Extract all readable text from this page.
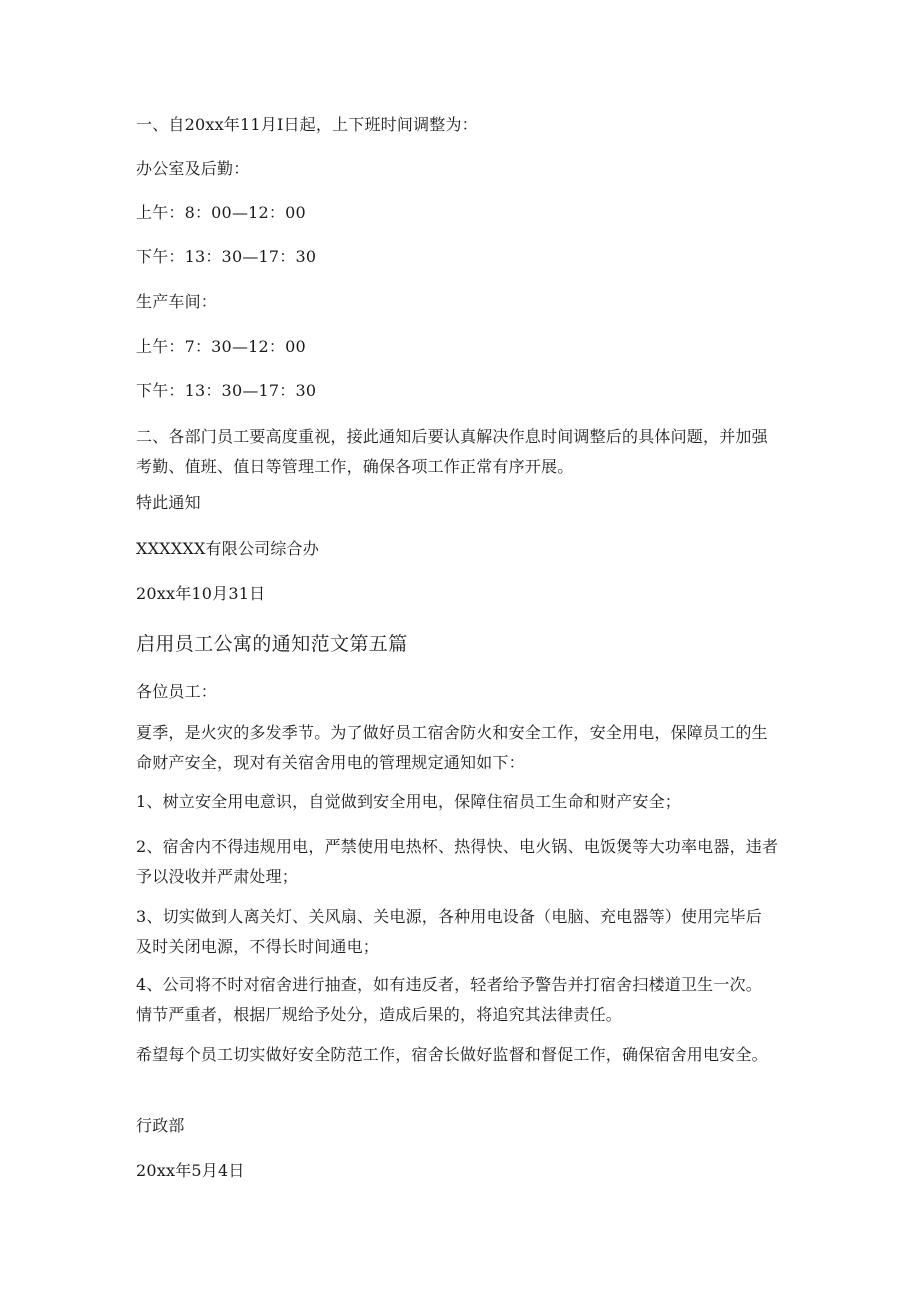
一、自20xx年11月I日起，上下班时间调整为：
办公室及后勤：
上午：8：00—12：00
下午：13：30—17：30
生产车间：
上午：7：30—12：00
下午：13：30—17：30
二、各部门员工要高度重视，接此通知后要认真解决作息时间调整后的具体问题，并加强考勤、值班、值日等管理工作，确保各项工作正常有序开展。
特此通知
XXXXXX有限公司综合办
20xx年10月31日
启用员工公寓的通知范文第五篇
各位员工：
夏季，是火灾的多发季节。为了做好员工宿舍防火和安全工作，安全用电，保障员工的生命财产安全，现对有关宿舍用电的管理规定通知如下：
1、树立安全用电意识，自觉做到安全用电，保障住宿员工生命和财产安全；
2、宿舍内不得违规用电，严禁使用电热杯、热得快、电火锅、电饭煲等大功率电器，违者予以没收并严肃处理；
3、切实做到人离关灯、关风扇、关电源，各种用电设备（电脑、充电器等）使用完毕后及时关闭电源，不得长时间通电；
4、公司将不时对宿舍进行抽查，如有违反者，轻者给予警告并打宿舍扫楼道卫生一次。情节严重者，根据厂规给予处分，造成后果的，将追究其法律责任。
希望每个员工切实做好安全防范工作，宿舍长做好监督和督促工作，确保宿舍用电安全。
行政部
20xx年5月4日
